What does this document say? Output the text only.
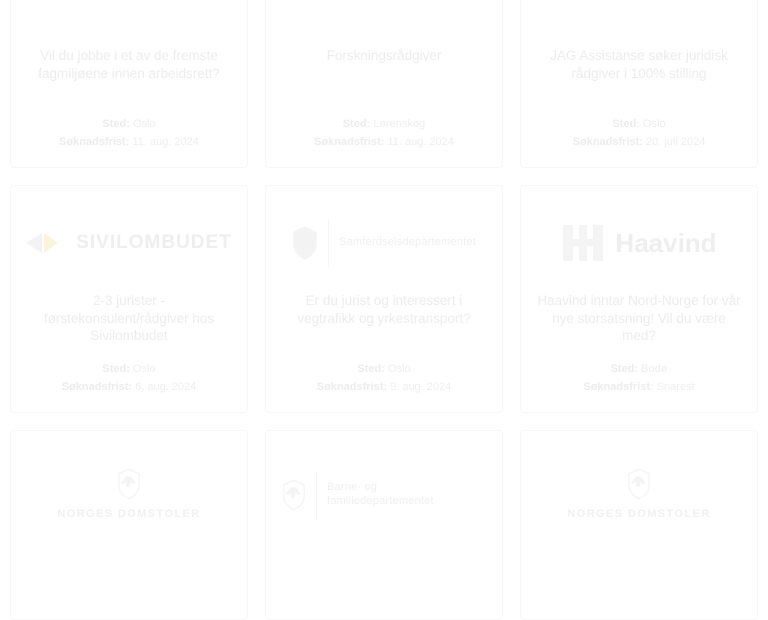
Vil du jobbe i et av de fremste fagmiljøene innen arbeidsrett?
Sted: Oslo
Søknadsfrist: 11. aug. 2024
Forskningsrådgiver
Sted: Lørenskog
Søknadsfrist: 11. aug. 2024
JAG Assistanse søker juridisk rådgiver i 100% stilling
Sted: Oslo
Søknadsfrist: 20. juli 2024
SIVILOMBUDET
2-3 jurister - førstekonsulent/rådgiver hos Sivilombudet
Sted: Oslo
Søknadsfrist: 6. aug. 2024
Samferdselsdepartementet
Er du jurist og interessert i vegtrafikk og yrkestransport?
Sted: Oslo
Søknadsfrist: 9. aug. 2024
Haavind
Haavind inntar Nord-Norge for vår nye storsatsning! Vil du være med?
Sted: Bodø
Søknadsfrist: Snarest
NORGES DOMSTOLER
Barne- og familiedepartementet
NORGES DOMSTOLER
